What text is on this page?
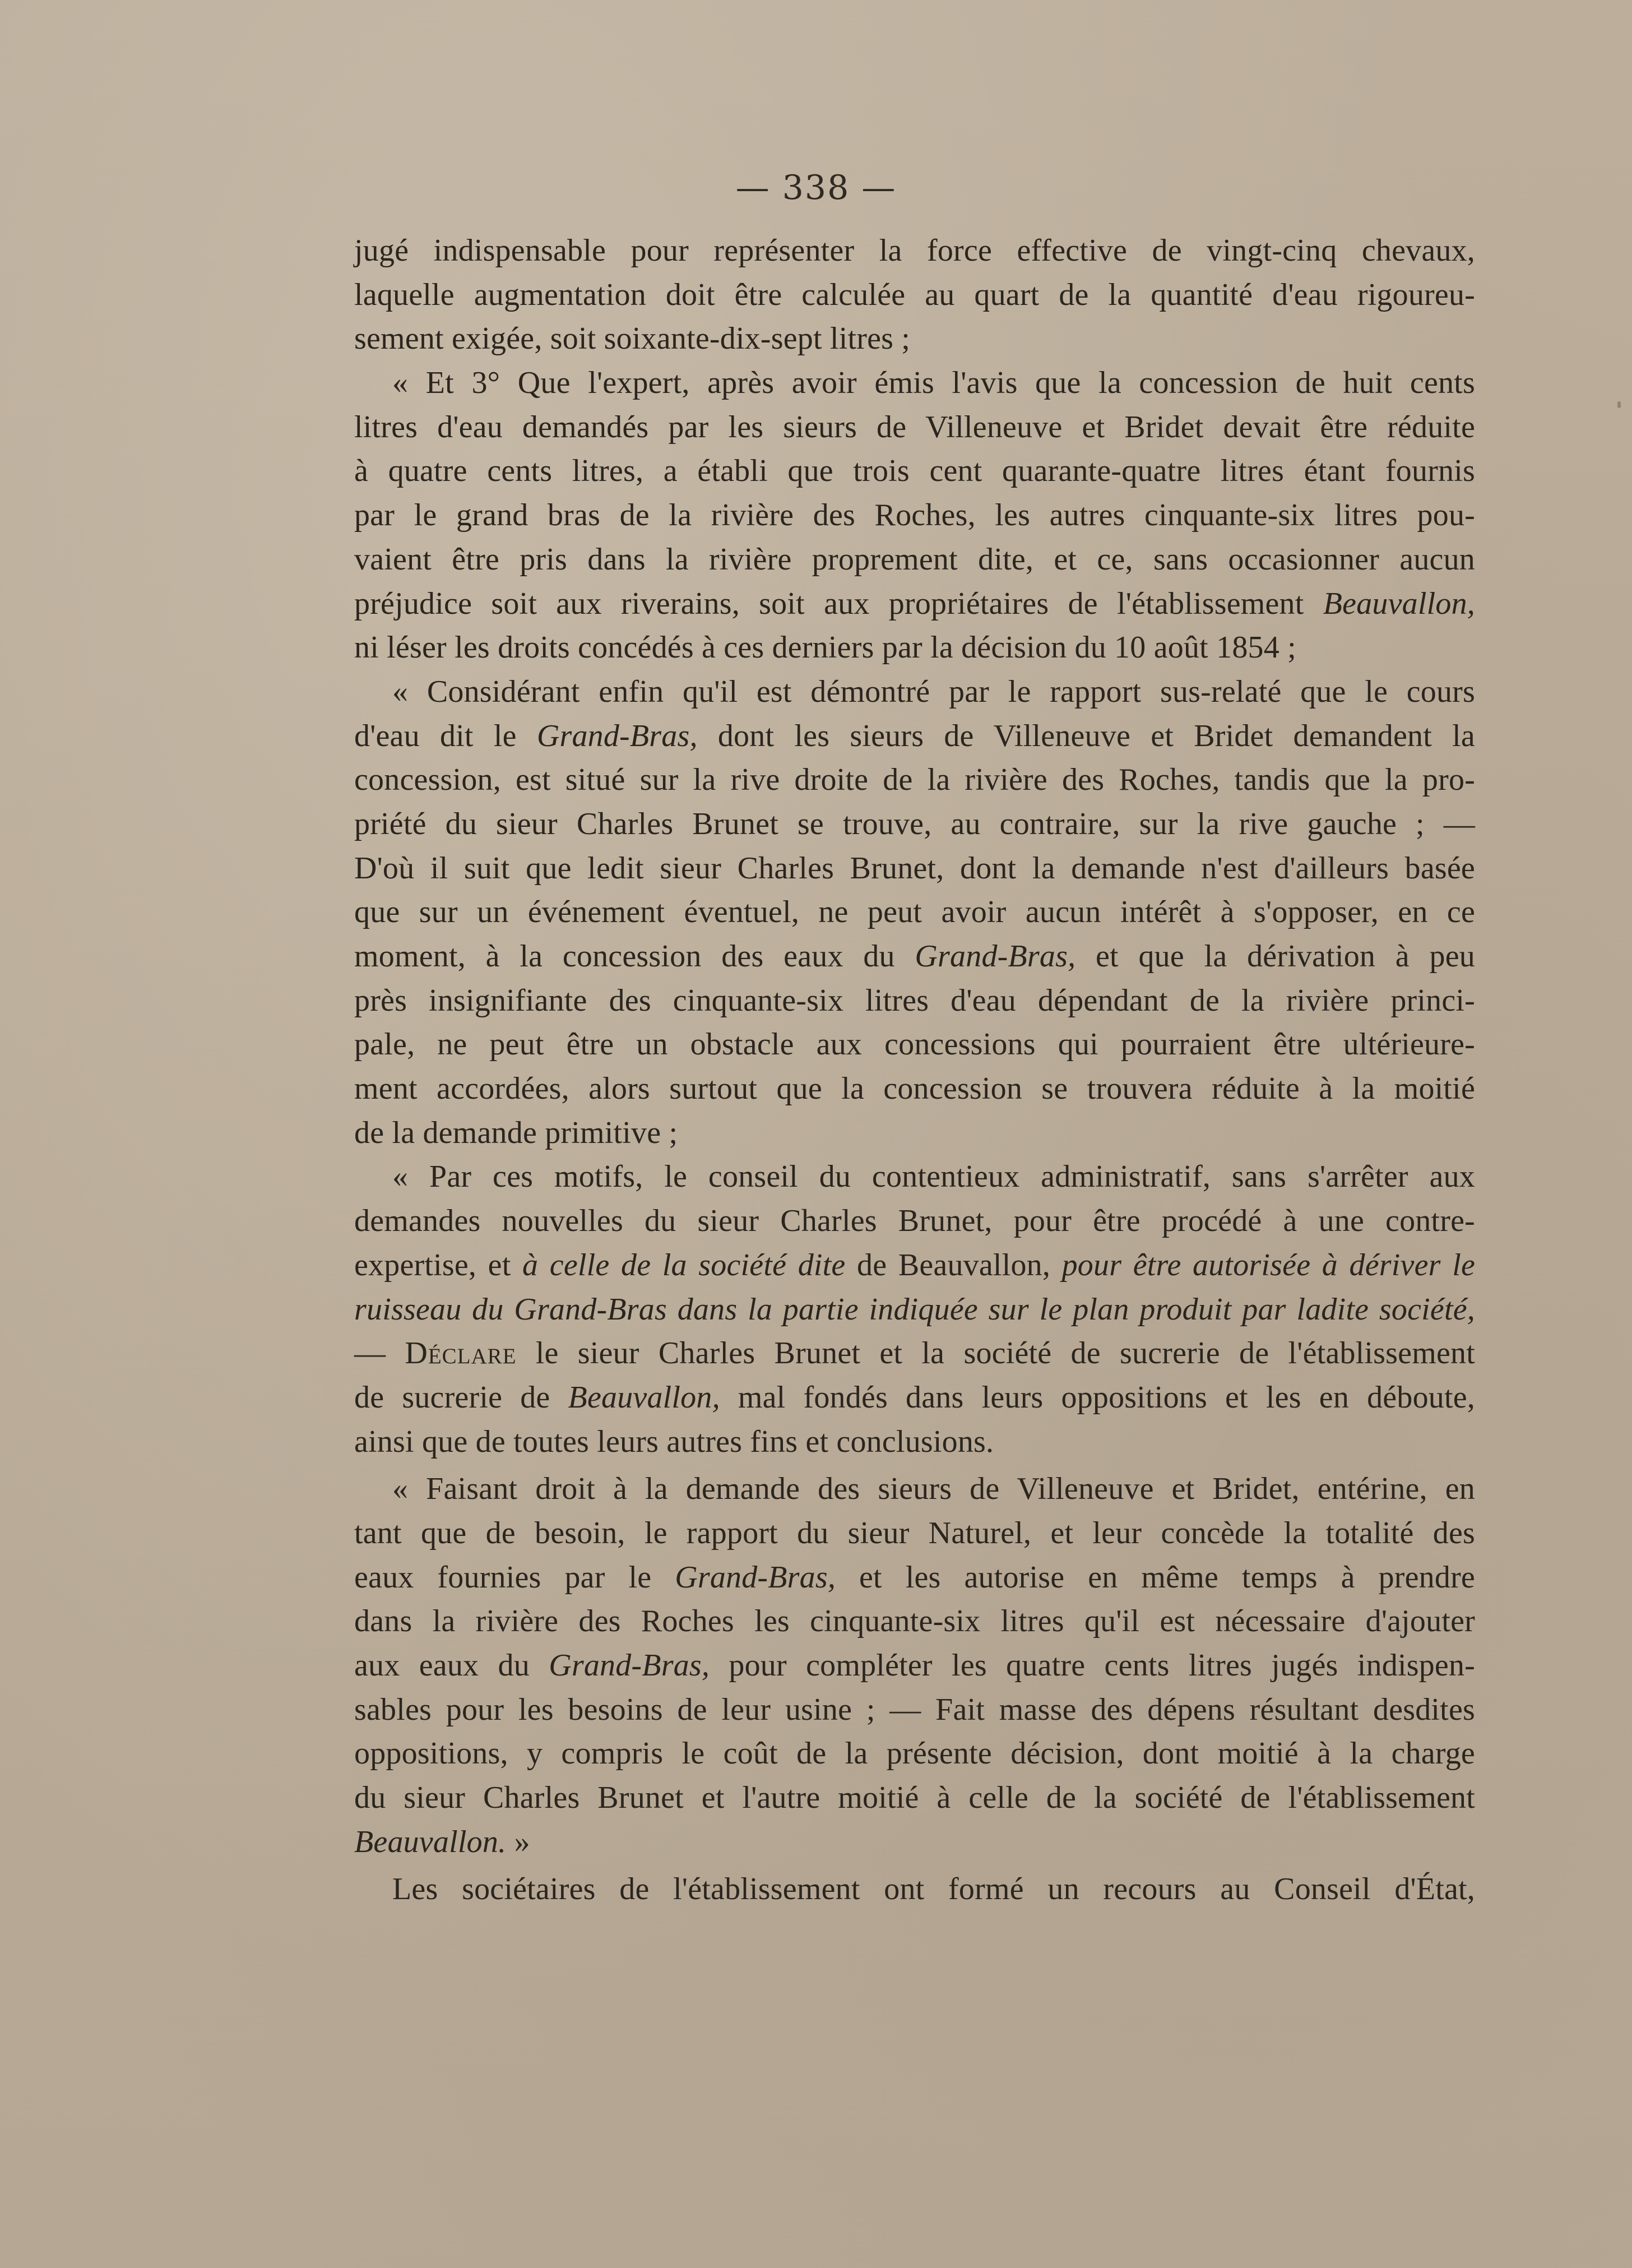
— 338 —
jugé indispensable pour représenter la force effective de vingt-cinq chevaux,
laquelle augmentation doit être calculée au quart de la quantité d'eau rigoureu-
sement exigée, soit soixante-dix-sept litres ;
« Et 3° Que l'expert, après avoir émis l'avis que la concession de huit cents
litres d'eau demandés par les sieurs de Villeneuve et Bridet devait être réduite
à quatre cents litres, a établi que trois cent quarante-quatre litres étant fournis
par le grand bras de la rivière des Roches, les autres cinquante-six litres pou-
vaient être pris dans la rivière proprement dite, et ce, sans occasionner aucun
préjudice soit aux riverains, soit aux propriétaires de l'établissement Beauvallon,
ni léser les droits concédés à ces derniers par la décision du 10 août 1854 ;
« Considérant enfin qu'il est démontré par le rapport sus-relaté que le cours
d'eau dit le Grand-Bras, dont les sieurs de Villeneuve et Bridet demandent la
concession, est situé sur la rive droite de la rivière des Roches, tandis que la pro-
priété du sieur Charles Brunet se trouve, au contraire, sur la rive gauche ; —
D'où il suit que ledit sieur Charles Brunet, dont la demande n'est d'ailleurs basée
que sur un événement éventuel, ne peut avoir aucun intérêt à s'opposer, en ce
moment, à la concession des eaux du Grand-Bras, et que la dérivation à peu
près insignifiante des cinquante-six litres d'eau dépendant de la rivière princi-
pale, ne peut être un obstacle aux concessions qui pourraient être ultérieure-
ment accordées, alors surtout que la concession se trouvera réduite à la moitié
de la demande primitive ;
« Par ces motifs, le conseil du contentieux administratif, sans s'arrêter aux
demandes nouvelles du sieur Charles Brunet, pour être procédé à une contre-
expertise, et à celle de la société dite de Beauvallon, pour être autorisée à dériver le
ruisseau du Grand-Bras dans la partie indiquée sur le plan produit par ladite société,
— Déclare le sieur Charles Brunet et la société de sucrerie de l'établissement
de sucrerie de Beauvallon, mal fondés dans leurs oppositions et les en déboute,
ainsi que de toutes leurs autres fins et conclusions.
« Faisant droit à la demande des sieurs de Villeneuve et Bridet, entérine, en
tant que de besoin, le rapport du sieur Naturel, et leur concède la totalité des
eaux fournies par le Grand-Bras, et les autorise en même temps à prendre
dans la rivière des Roches les cinquante-six litres qu'il est nécessaire d'ajouter
aux eaux du Grand-Bras, pour compléter les quatre cents litres jugés indispen-
sables pour les besoins de leur usine ; — Fait masse des dépens résultant desdites
oppositions, y compris le coût de la présente décision, dont moitié à la charge
du sieur Charles Brunet et l'autre moitié à celle de la société de l'établissement
Beauvallon. »
Les sociétaires de l'établissement ont formé un recours au Conseil d'État,
